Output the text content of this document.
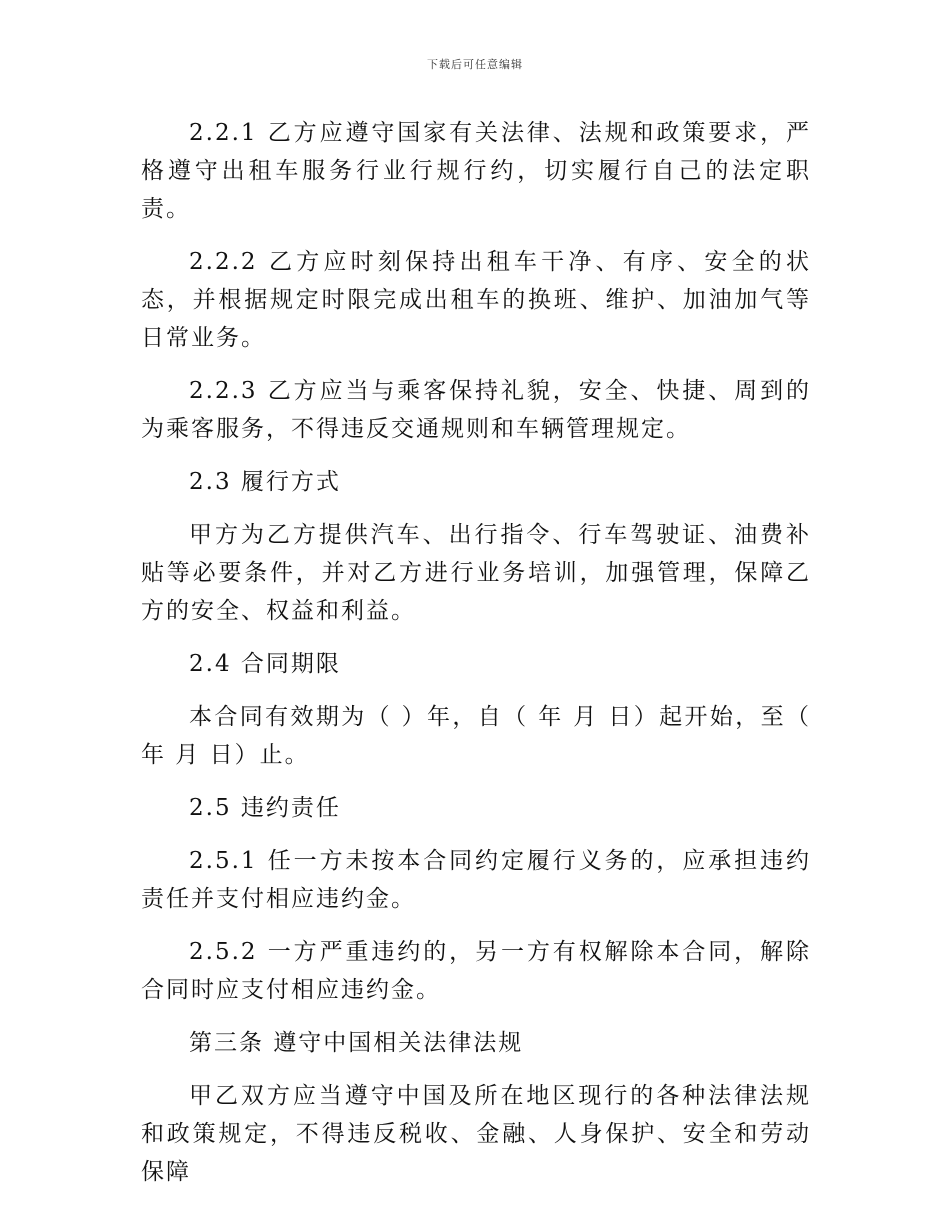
下载后可任意编辑

2.2.1 乙方应遵守国家有关法律、法规和政策要求，严格遵守出租车服务行业行规行约，切实履行自己的法定职责。

2.2.2 乙方应时刻保持出租车干净、有序、安全的状态，并根据规定时限完成出租车的换班、维护、加油加气等日常业务。

2.2.3 乙方应当与乘客保持礼貌，安全、快捷、周到的为乘客服务，不得违反交通规则和车辆管理规定。

2.3 履行方式

甲方为乙方提供汽车、出行指令、行车驾驶证、油费补贴等必要条件，并对乙方进行业务培训，加强管理，保障乙方的安全、权益和利益。

2.4 合同期限

本合同有效期为（ ）年，自（ 年 月 日）起开始，至（ 年 月 日）止。

2.5 违约责任

2.5.1 任一方未按本合同约定履行义务的，应承担违约责任并支付相应违约金。

2.5.2 一方严重违约的，另一方有权解除本合同，解除合同时应支付相应违约金。

第三条 遵守中国相关法律法规

甲乙双方应当遵守中国及所在地区现行的各种法律法规和政策规定，不得违反税收、金融、人身保护、安全和劳动保障
